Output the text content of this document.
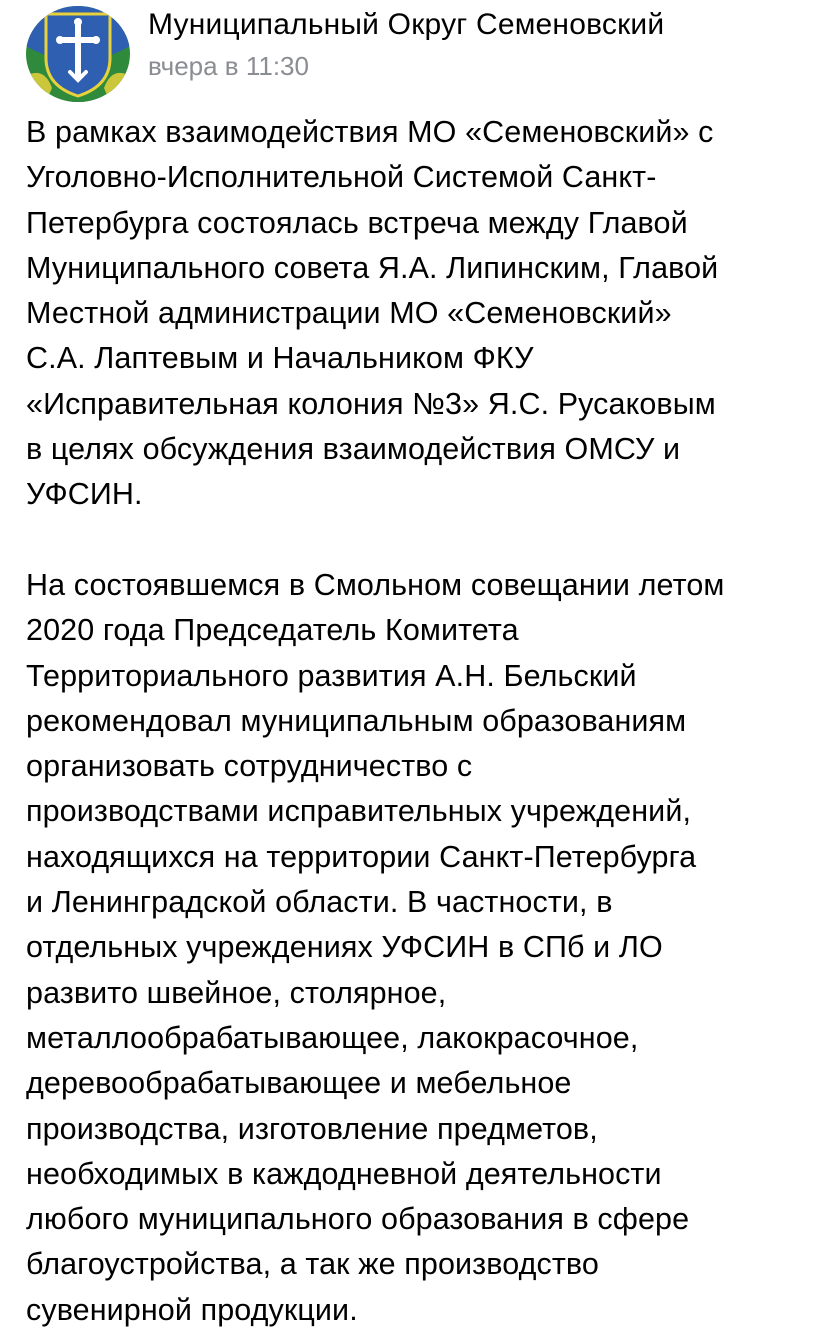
Муниципальный Округ Семеновский
вчера в 11:30

В рамках взаимодействия МО «Семеновский» с
Уголовно-Исполнительной Системой Санкт-
Петербурга состоялась встреча между Главой
Муниципального совета Я.А. Липинским, Главой
Местной администрации МО «Семеновский»
С.А. Лаптевым и Начальником ФКУ
«Исправительная колония №3» Я.С. Русаковым
в целях обсуждения взаимодействия ОМСУ и
УФСИН.

На состоявшемся в Смольном совещании летом
2020 года Председатель Комитета
Территориального развития А.Н. Бельский
рекомендовал муниципальным образованиям
организовать сотрудничество с
производствами исправительных учреждений,
находящихся на территории Санкт-Петербурга
и Ленинградской области. В частности, в
отдельных учреждениях УФСИН в СПб и ЛО
развито швейное, столярное,
металлообрабатывающее, лакокрасочное,
деревообрабатывающее и мебельное
производства, изготовление предметов,
необходимых в каждодневной деятельности
любого муниципального образования в сфере
благоустройства, а так же производство
сувенирной продукции.
